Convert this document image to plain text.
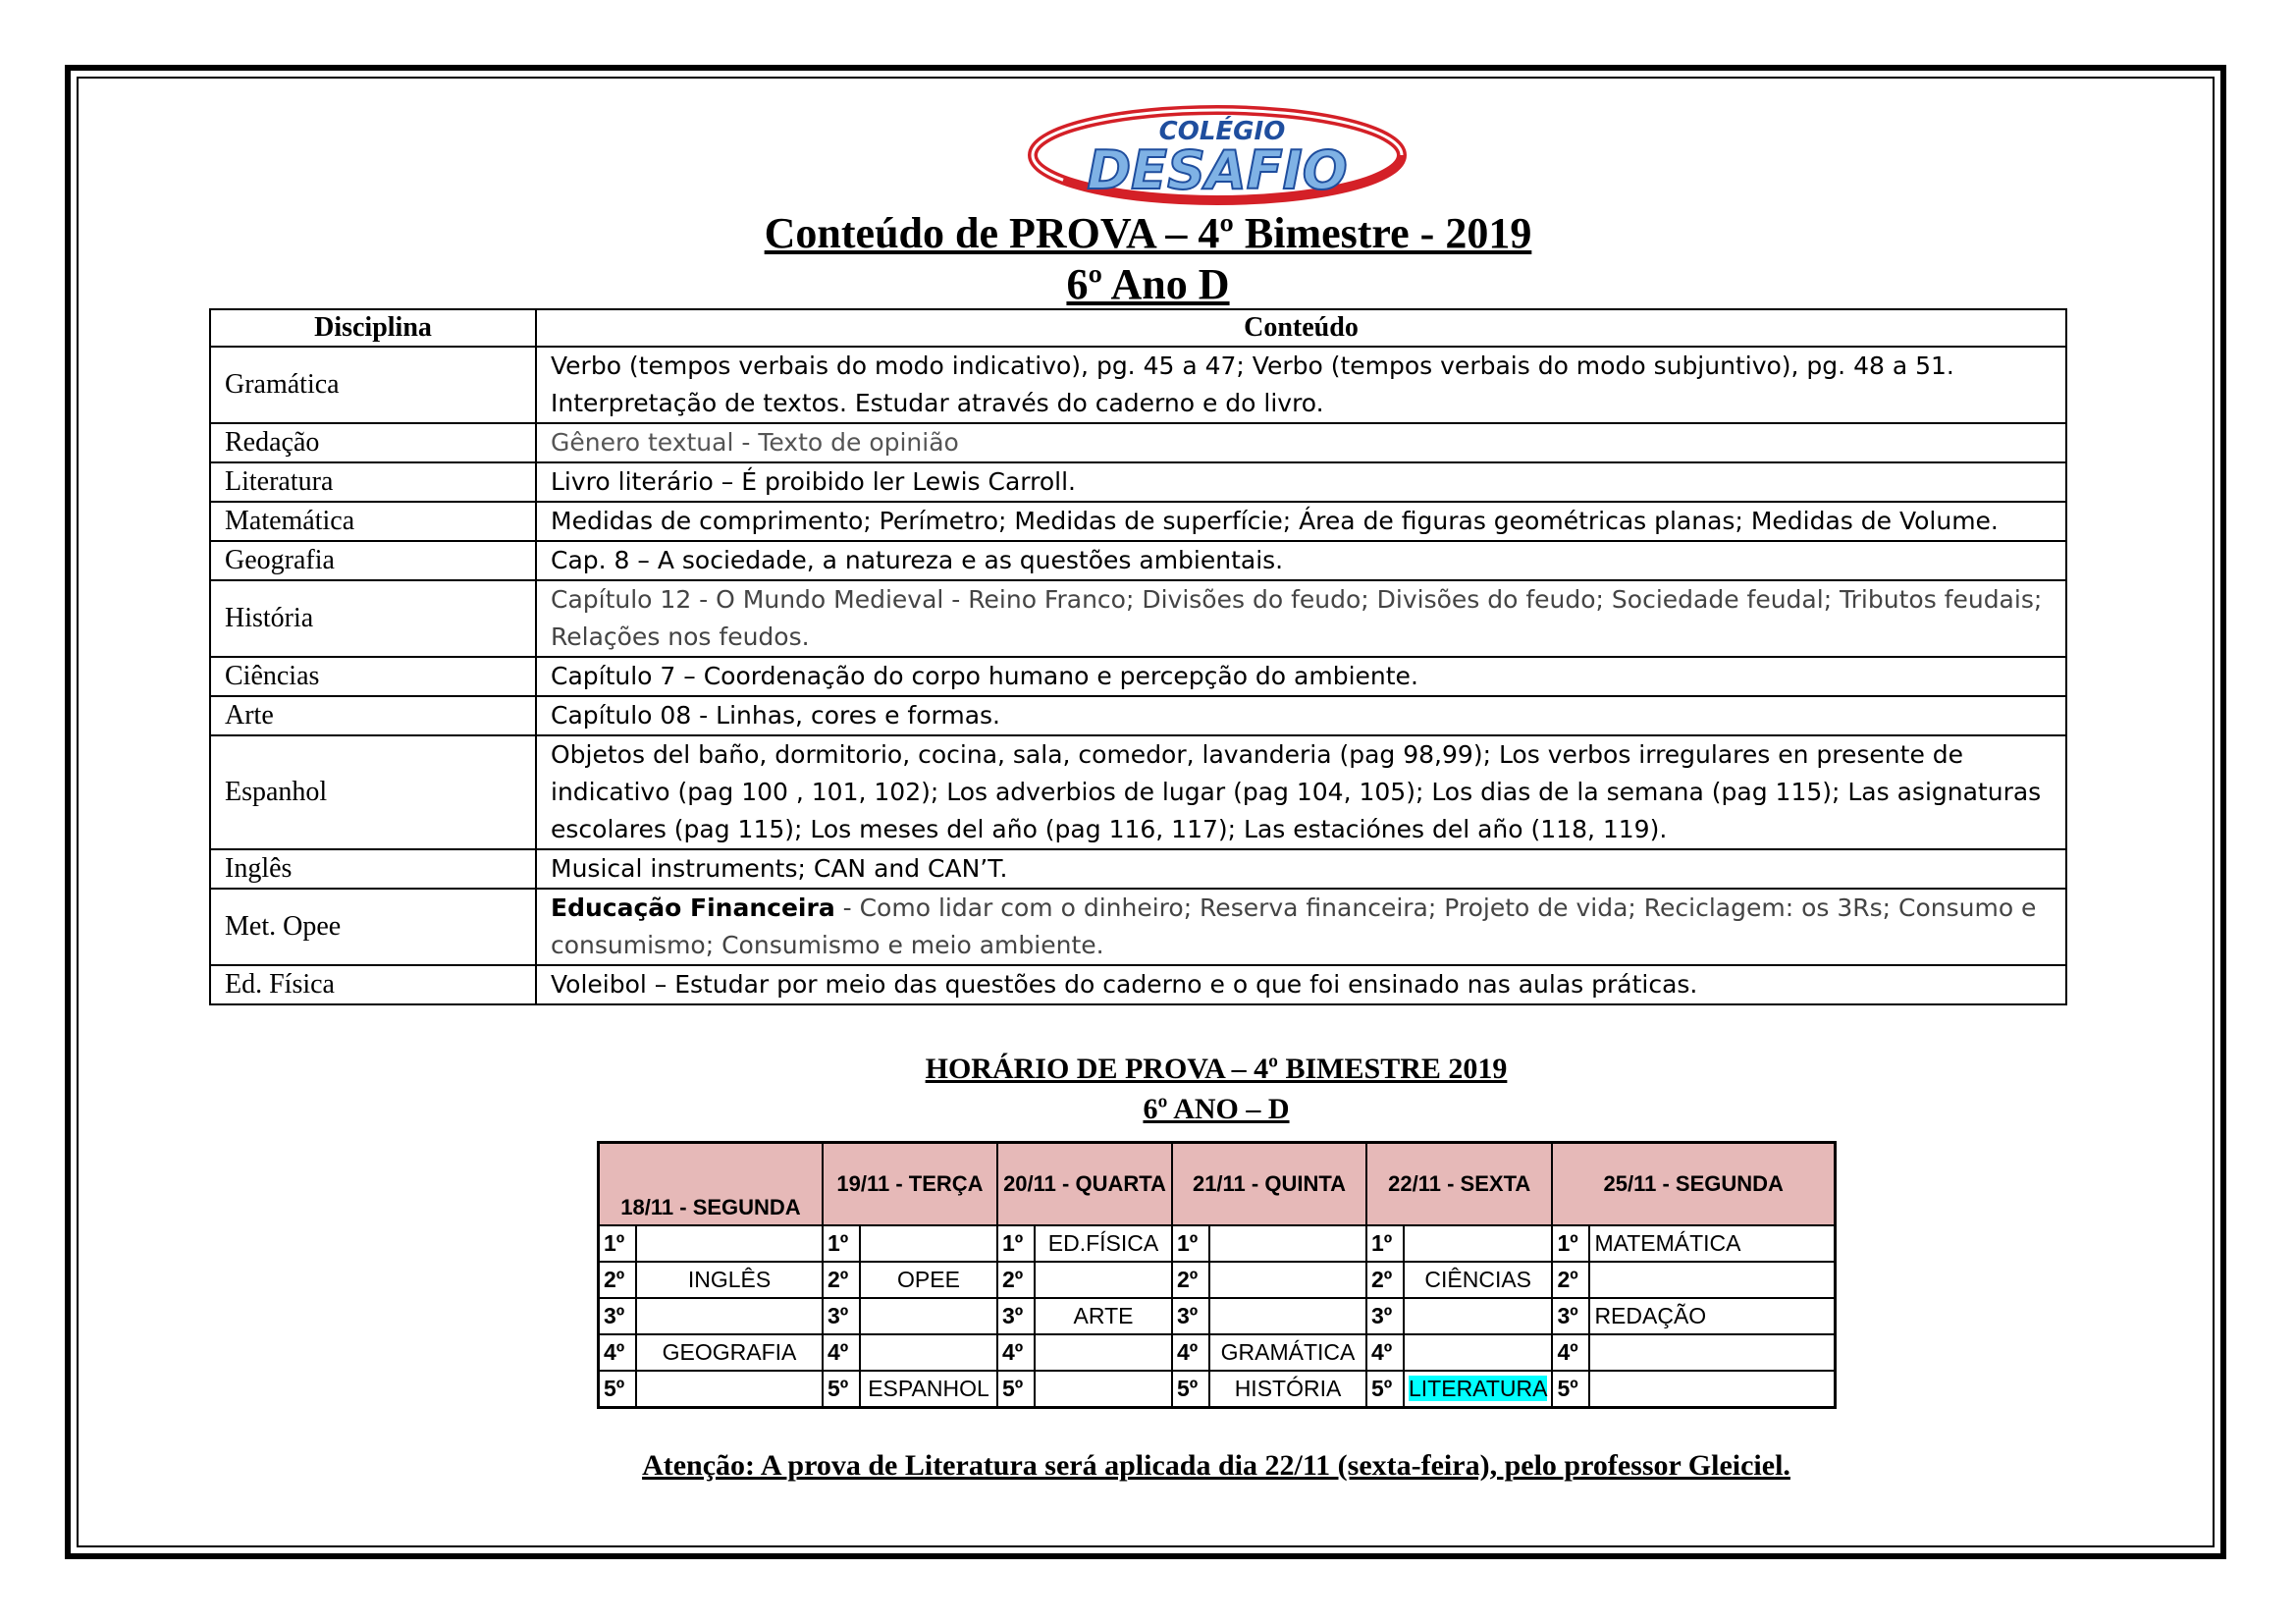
COLÉGIO
DESAFIO
Conteúdo de PROVA – 4º Bimestre - 2019
6º Ano D
Disciplina	Conteúdo
Gramática	Verbo (tempos verbais do modo indicativo), pg. 45 a 47; Verbo (tempos verbais do modo subjuntivo), pg. 48 a 51. Interpretação de textos. Estudar através do caderno e do livro.
Redação	Gênero textual - Texto de opinião
Literatura	Livro literário – É proibido ler Lewis Carroll.
Matemática	Medidas de comprimento; Perímetro; Medidas de superfície; Área de figuras geométricas planas; Medidas de Volume.
Geografia	Cap. 8 – A sociedade, a natureza e as questões ambientais.
História	Capítulo 12 - O Mundo Medieval - Reino Franco; Divisões do feudo; Divisões do feudo; Sociedade feudal; Tributos feudais; Relações nos feudos.
Ciências	Capítulo 7 – Coordenação do corpo humano e percepção do ambiente.
Arte	Capítulo 08 - Linhas, cores e formas.
Espanhol	Objetos del baño, dormitorio, cocina, sala, comedor, lavanderia (pag 98,99); Los verbos irregulares en presente de indicativo (pag 100 , 101, 102); Los adverbios de lugar (pag 104, 105); Los dias de la semana (pag 115); Las asignaturas escolares (pag 115); Los meses del año (pag 116, 117); Las estaciónes del año (118, 119).
Inglês	Musical instruments; CAN and CAN’T.
Met. Opee	Educação Financeira - Como lidar com o dinheiro; Reserva financeira; Projeto de vida; Reciclagem: os 3Rs; Consumo e consumismo; Consumismo e meio ambiente.
Ed. Física	Voleibol – Estudar por meio das questões do caderno e o que foi ensinado nas aulas práticas.
HORÁRIO DE PROVA – 4º BIMESTRE 2019
6º ANO – D
18/11 - SEGUNDA		19/11 - TERÇA		20/11 - QUARTA		21/11 - QUINTA		22/11 - SEXTA		25/11 - SEGUNDA	
1º		1º		1º	ED.FÍSICA	1º		1º		1º	MATEMÁTICA
2º	INGLÊS	2º	OPEE	2º		2º		2º	CIÊNCIAS	2º	
3º		3º		3º	ARTE	3º		3º		3º	REDAÇÃO
4º	GEOGRAFIA	4º		4º		4º	GRAMÁTICA	4º		4º	
5º		5º	ESPANHOL	5º		5º	HISTÓRIA	5º	LITERATURA	5º	
Atenção: A prova de Literatura será aplicada dia 22/11 (sexta-feira), pelo professor Gleiciel.
